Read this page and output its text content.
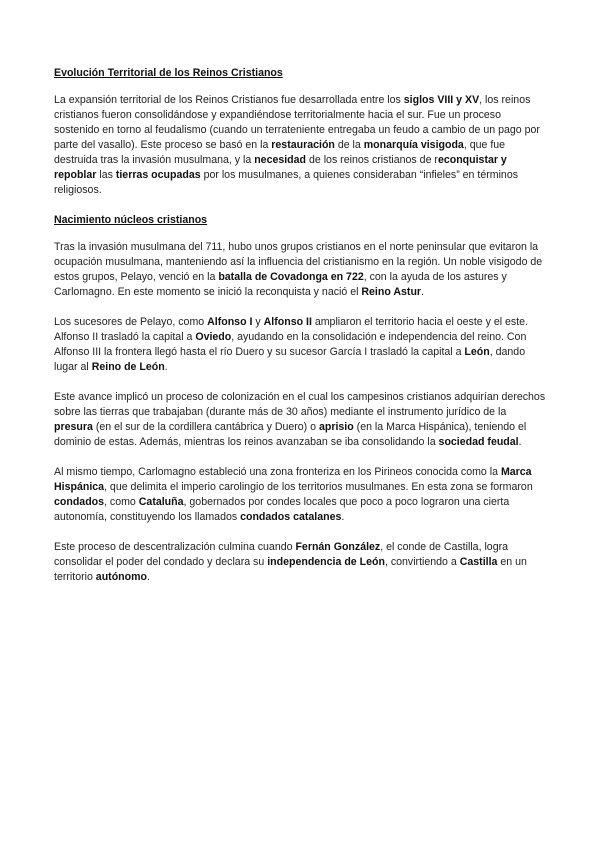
Evolución Territorial de los Reinos Cristianos

La expansión territorial de los Reinos Cristianos fue desarrollada entre los siglos VIII y XV, los reinos cristianos fueron consolidándose y expandiéndose territorialmente hacia el sur. Fue un proceso sostenido en torno al feudalismo (cuando un terrateniente entregaba un feudo a cambio de un pago por parte del vasallo). Este proceso se basó en la restauración de la monarquía visigoda, que fue destruida tras la invasión musulmana, y la necesidad de los reinos cristianos de reconquistar y repoblar las tierras ocupadas por los musulmanes, a quienes consideraban “infieles” en términos religiosos.

Nacimiento núcleos cristianos

Tras la invasión musulmana del 711, hubo unos grupos cristianos en el norte peninsular que evitaron la ocupación musulmana, manteniendo así la influencia del cristianismo en la región. Un noble visigodo de estos grupos, Pelayo, venció en la batalla de Covadonga en 722, con la ayuda de los astures y Carlomagno. En este momento se inició la reconquista y nació el Reino Astur.

Los sucesores de Pelayo, como Alfonso I y Alfonso II ampliaron el territorio hacia el oeste y el este. Alfonso II trasladó la capital a Oviedo, ayudando en la consolidación e independencia del reino. Con Alfonso III la frontera llegó hasta el río Duero y su sucesor García I trasladó la capital a León, dando lugar al Reino de León.

Este avance implicó un proceso de colonización en el cual los campesinos cristianos adquirían derechos sobre las tierras que trabajaban (durante más de 30 años) mediante el instrumento jurídico de la presura (en el sur de la cordillera cantábrica y Duero) o aprisio (en la Marca Hispánica), teniendo el dominio de estas. Además, mientras los reinos avanzaban se iba consolidando la sociedad feudal.

Al mismo tiempo, Carlomagno estableció una zona fronteriza en los Pirineos conocida como la Marca Hispánica, que delimita el imperio carolingio de los territorios musulmanes. En esta zona se formaron condados, como Cataluña, gobernados por condes locales que poco a poco lograron una cierta autonomía, constituyendo los llamados condados catalanes.

Este proceso de descentralización culmina cuando Fernán González, el conde de Castilla, logra consolidar el poder del condado y declara su independencia de León, convirtiendo a Castilla en un territorio autónomo.
